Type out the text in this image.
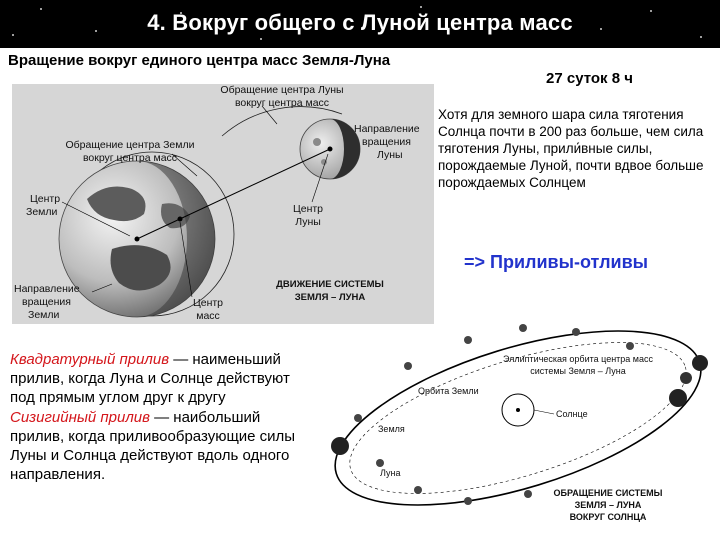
4. Вокруг общего с Луной центра масс
Вращение вокруг единого центра масс Земля-Луна
27 суток 8 ч
Хотя для земного шара сила тяготения Солнца почти в 200 раз больше, чем сила тяготения Луны, прили́вные силы, порождаемые Луной, почти вдвое больше порождаемых Солнцем
=> Приливы-отливы
Обращение центра Луны
вокруг центра масс
Обращение центра Земли
вокруг центра масс
Направление
вращения
Луны
Центр
Земли	Центр
Луны
Направление
вращения
Земли
Центр
масс
ДВИЖЕНИЕ СИСТЕМЫ
ЗЕМЛЯ – ЛУНА
Квадратурный прилив — наименьший прилив, когда Луна и Солнце действуют под прямым углом друг к другу
Сизигийный прилив — наибольший прилив, когда приливообразующие силы Луны и Солнца действуют вдоль одного направления.
Эллиптическая орбита центра масс
системы Земля – Луна
Орбита Земли
Солнце
Земля
Луна
ОБРАЩЕНИЕ СИСТЕМЫ
ЗЕМЛЯ – ЛУНА
ВОКРУГ СОЛНЦА
